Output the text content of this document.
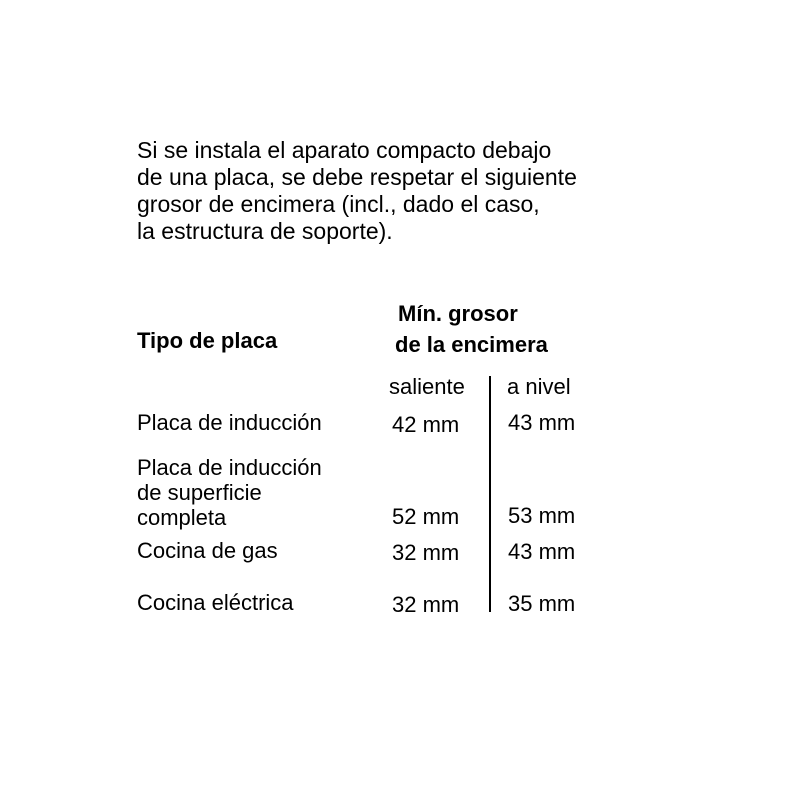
Si se instala el aparato compacto debajo
de una placa, se debe respetar el siguiente
grosor de encimera (incl., dado el caso,
la estructura de soporte).
Tipo de placa
Mín. grosor
de la encimera
saliente a nivel
Placa de inducción	42 mm 43 mm
Placa de inducción
de superficie
completa	52 mm 53 mm
Cocina de gas	32 mm 43 mm
Cocina eléctrica	32 mm 35 mm
